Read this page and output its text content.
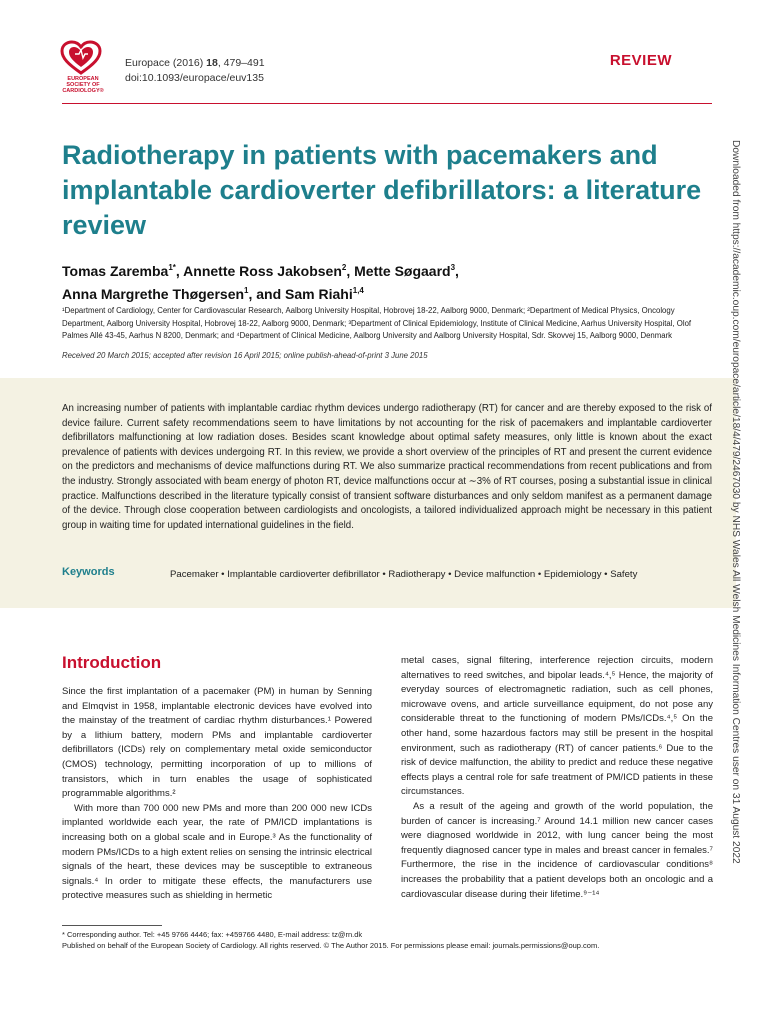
EUROPEAN SOCIETY OF CARDIOLOGY®
Europace (2016) 18, 479–491
doi:10.1093/europace/euv135
REVIEW
Radiotherapy in patients with pacemakers and implantable cardioverter defibrillators: a literature review
Tomas Zaremba$^{1*}$, Annette Ross Jakobsen$^2$, Mette Søgaard$^3$,
Anna Margrethe Thøgersen$^1$, and Sam Riahi$^{1,4}$
¹Department of Cardiology, Center for Cardiovascular Research, Aalborg University Hospital, Hobrovej 18-22, Aalborg 9000, Denmark; ²Department of Medical Physics, Oncology Department, Aalborg University Hospital, Hobrovej 18-22, Aalborg 9000, Denmark; ³Department of Clinical Epidemiology, Institute of Clinical Medicine, Aarhus University Hospital, Olof Palmes Allé 43-45, Aarhus N 8200, Denmark; and ⁴Department of Clinical Medicine, Aalborg University and Aalborg University Hospital, Sdr. Skovvej 15, Aalborg 9000, Denmark
Received 20 March 2015; accepted after revision 16 April 2015; online publish-ahead-of-print 3 June 2015
An increasing number of patients with implantable cardiac rhythm devices undergo radiotherapy (RT) for cancer and are thereby exposed to the risk of device failure. Current safety recommendations seem to have limitations by not accounting for the risk of pacemakers and implantable cardioverter defibrillators malfunctioning at low radiation doses. Besides scant knowledge about optimal safety measures, only little is known about the exact prevalence of patients with devices undergoing RT. In this review, we provide a short overview of the principles of RT and present the current evidence on the predictors and mechanisms of device malfunctions during RT. We also summarize practical recommendations from recent publications and from the industry. Strongly associated with beam energy of photon RT, device malfunctions occur at ∼3% of RT courses, posing a substantial issue in clinical practice. Malfunctions described in the literature typically consist of transient software disturbances and only seldom manifest as a permanent damage of the device. Through close cooperation between cardiologists and oncologists, a tailored individualized approach might be necessary in this patient group in waiting time for updated international guidelines in the field.
Keywords	Pacemaker • Implantable cardioverter defibrillator • Radiotherapy • Device malfunction • Epidemiology • Safety
Introduction

Since the first implantation of a pacemaker (PM) in human by Senning and Elmqvist in 1958, implantable electronic devices have evolved into the mainstay of the treatment of cardiac rhythm disturbances.¹ Powered by a lithium battery, modern PMs and implantable cardioverter defibrillators (ICDs) rely on complementary metal oxide semiconductor (CMOS) technology, permitting incorporation of up to millions of transistors, which in turn enables the usage of sophisticated programmable algorithms.²

With more than 700 000 new PMs and more than 200 000 new ICDs implanted worldwide each year, the rate of PM/ICD implantations is increasing both on a global scale and in Europe.³ As the functionality of modern PMs/ICDs to a high extent relies on sensing the intrinsic electrical signals of the heart, these devices may be susceptible to extraneous signals.⁴ In order to mitigate these effects, the manufacturers use protective measures such as shielding in hermetic

metal cases, signal filtering, interference rejection circuits, modern alternatives to reed switches, and bipolar leads.⁴,⁵ Hence, the majority of everyday sources of electromagnetic radiation, such as cell phones, microwave ovens, and article surveillance equipment, do not pose any considerable threat to the functioning of modern PMs/ICDs.⁴,⁵ On the other hand, some hazardous factors may still be present in the hospital environment, such as radiotherapy (RT) of cancer patients.⁶ Due to the risk of device malfunction, the ability to predict and reduce these negative effects plays a central role for safe treatment of PM/ICD patients in these circumstances.

As a result of the ageing and growth of the world population, the burden of cancer is increasing.⁷ Around 14.1 million new cancer cases were diagnosed worldwide in 2012, with lung cancer being the most frequently diagnosed cancer type in males and breast cancer in females.⁷ Furthermore, the rise in the incidence of cardiovascular conditions⁸ increases the probability that a patient develops both an oncologic and a cardiovascular disease during their lifetime.⁹⁻¹⁴

* Corresponding author. Tel: +45 9766 4446; fax: +459766 4480, E-mail address: tz@rn.dk
Published on behalf of the European Society of Cardiology. All rights reserved. © The Author 2015. For permissions please email: journals.permissions@oup.com.
Downloaded from https://academic.oup.com/europace/article/18/4/479/2467030 by NHS Wales All Welsh Medicines Information Centres user on 31 August 2022
